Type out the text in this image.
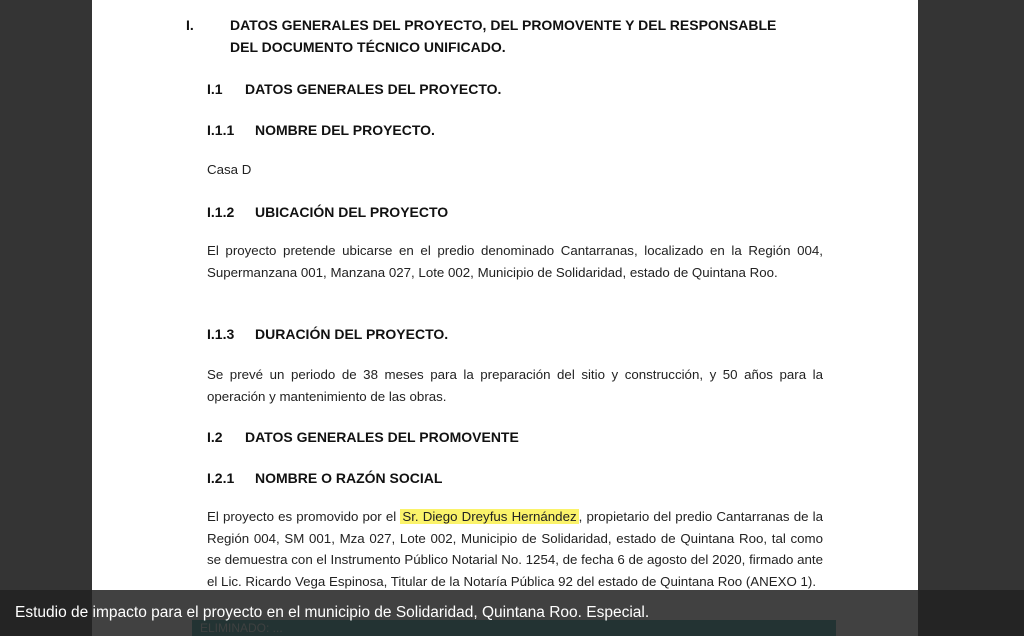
I.	DATOS GENERALES DEL PROYECTO, DEL PROMOVENTE Y DEL RESPONSABLE
DEL DOCUMENTO TÉCNICO UNIFICADO.
I.1 DATOS GENERALES DEL PROYECTO.
I.1.1 NOMBRE DEL PROYECTO.
Casa D
I.1.2 UBICACIÓN DEL PROYECTO
El proyecto pretende ubicarse en el predio denominado Cantarranas, localizado en la Región 004, Supermanzana 001, Manzana 027, Lote 002, Municipio de Solidaridad, estado de Quintana Roo.
I.1.3 DURACIÓN DEL PROYECTO.
Se prevé un periodo de 38 meses para la preparación del sitio y construcción, y 50 años para la operación y mantenimiento de las obras.
I.2 DATOS GENERALES DEL PROMOVENTE
I.2.1 NOMBRE O RAZÓN SOCIAL
El proyecto es promovido por el Sr. Diego Dreyfus Hernández , propietario del predio Cantarranas de la Región 004, SM 001, Mza 027, Lote 002, Municipio de Solidaridad, estado de Quintana Roo, tal como se demuestra con el Instrumento Público Notarial No. 1254, de fecha 6 de agosto del 2020, firmado ante el Lic. Ricardo Vega Espinosa, Titular de la Notaría Pública 92 del estado de Quintana Roo (ANEXO 1).
Estudio de impacto para el proyecto en el municipio de Solidaridad, Quintana Roo. Especial.
